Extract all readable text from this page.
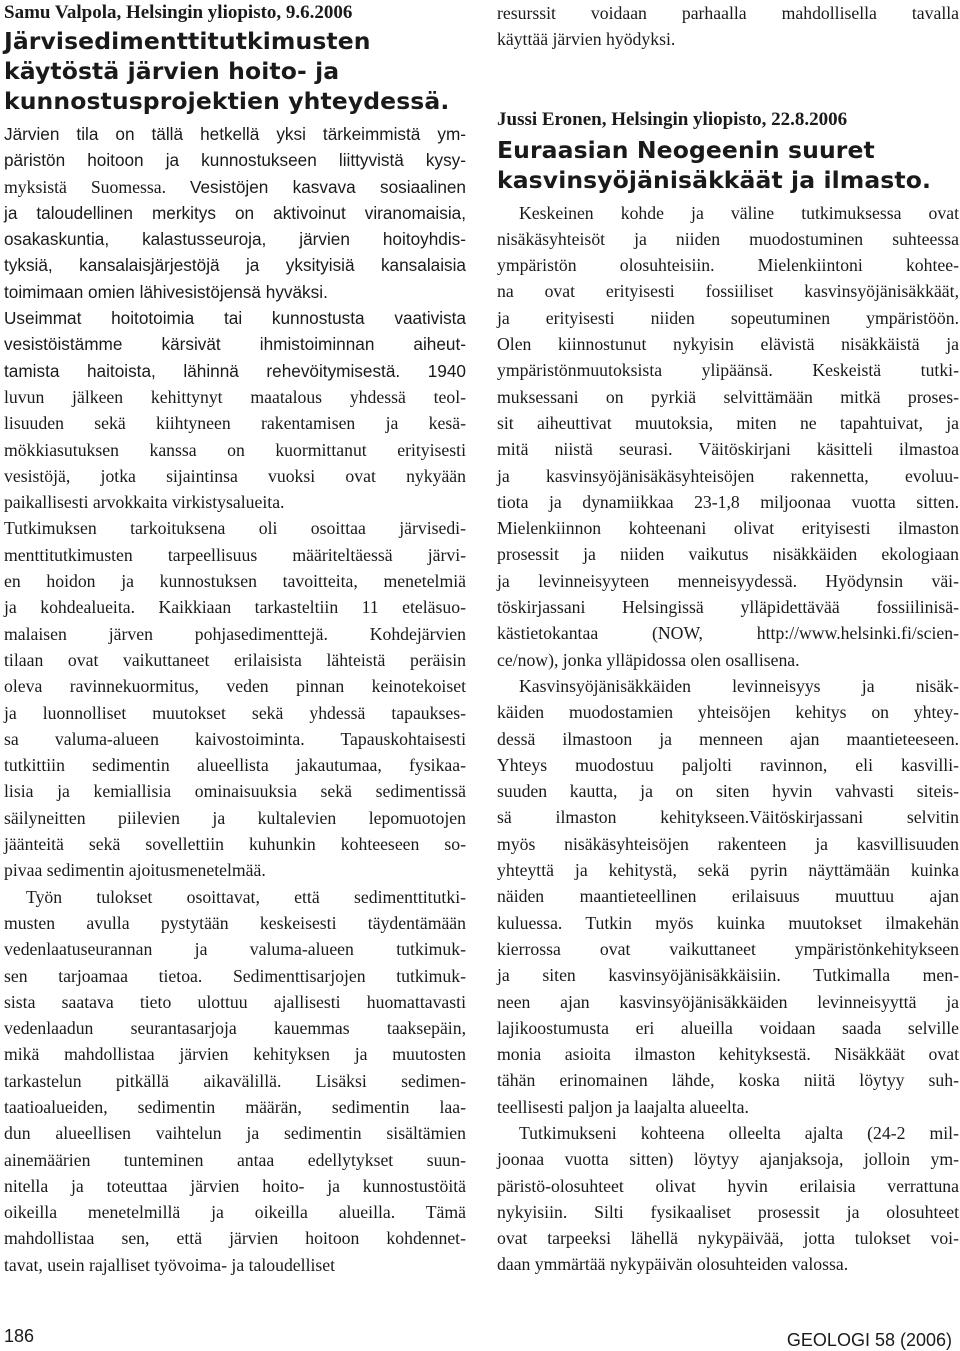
Samu Valpola, Helsingin yliopisto, 9.6.2006

Järvisedimenttitutkimusten
käytöstä järvien hoito- ja
kunnostusprojektien yhteydessä.
Järvien tila on tällä hetkellä yksi tärkeimmistä ym-
päristön hoitoon ja kunnostukseen liittyvistä kysy-
myksistä Suomessa. Vesistöjen kasvava sosiaalinen
ja taloudellinen merkitys on aktivoinut viranomaisia,
osakaskuntia, kalastusseuroja, järvien hoitoyhdis-
tyksiä, kansalaisjärjestöjä ja yksityisiä kansalaisia
toimimaan omien lähivesistöjensä hyväksi.
Useimmat hoitotoimia tai kunnostusta vaativista
vesistöistämme kärsivät ihmistoiminnan aiheut-
tamista haitoista, lähinnä rehevöitymisestä. 1940
luvun jälkeen kehittynyt maatalous yhdessä teol-
lisuuden sekä kiihtyneen rakentamisen ja kesä-
mökkiasutuksen kanssa on kuormittanut erityisesti
vesistöjä, jotka sijaintinsa vuoksi ovat nykyään
paikallisesti arvokkaita virkistysalueita.
Tutkimuksen tarkoituksena oli osoittaa järvisedi-
menttitutkimusten tarpeellisuus määriteltäessä järvi-
en hoidon ja kunnostuksen tavoitteita, menetelmiä
ja kohdealueita. Kaikkiaan tarkasteltiin 11 eteläsuo-
malaisen järven pohjasedimenttejä. Kohdejärvien
tilaan ovat vaikuttaneet erilaisista lähteistä peräisin
oleva ravinnekuormitus, veden pinnan keinotekoiset
ja luonnolliset muutokset sekä yhdessä tapaukses-
sa valuma-alueen kaivostoiminta. Tapauskohtaisesti
tutkittiin sedimentin alueellista jakautumaa, fysikaa-
lisia ja kemiallisia ominaisuuksia sekä sedimentissä
säilyneitten piilevien ja kultalevien lepomuotojen
jäänteitä sekä sovellettiin kuhunkin kohteeseen so-
pivaa sedimentin ajoitusmenetelmää.
Työn tulokset osoittavat, että sedimenttitutki-
musten avulla pystytään keskeisesti täydentämään
vedenlaatuseurannan ja valuma-alueen tutkimuk-
sen tarjoamaa tietoa. Sedimenttisarjojen tutkimuk-
sista saatava tieto ulottuu ajallisesti huomattavasti
vedenlaadun seurantasarjoja kauemmas taaksepäin,
mikä mahdollistaa järvien kehityksen ja muutosten
tarkastelun pitkällä aikavälillä. Lisäksi sedimen-
taatioalueiden, sedimentin määrän, sedimentin laa-
dun alueellisen vaihtelun ja sedimentin sisältämien
ainemäärien tunteminen antaa edellytykset suun-
nitella ja toteuttaa järvien hoito- ja kunnostustöitä
oikeilla menetelmillä ja oikeilla alueilla. Tämä
mahdollistaa sen, että järvien hoitoon kohdennet-
tavat, usein rajalliset työvoima- ja taloudelliset
resurssit voidaan parhaalla mahdollisella tavalla
käyttää järvien hyödyksi.

Jussi Eronen, Helsingin yliopisto, 22.8.2006

Euraasian Neogeenin suuret
kasvinsyöjänisäkkäät ja ilmasto.
Keskeinen kohde ja väline tutkimuksessa ovat
nisäkäsyhteisöt ja niiden muodostuminen suhteessa
ympäristön olosuhteisiin. Mielenkiintoni kohtee-
na ovat erityisesti fossiiliset kasvinsyöjänisäkkäät,
ja erityisesti niiden sopeutuminen ympäristöön.
Olen kiinnostunut nykyisin elävistä nisäkkäistä ja
ympäristönmuutoksista ylipäänsä. Keskeistä tutki-
muksessani on pyrkiä selvittämään mitkä proses-
sit aiheuttivat muutoksia, miten ne tapahtuivat, ja
mitä niistä seurasi. Väitöskirjani käsitteli ilmastoa
ja kasvinsyöjänisäkäsyhteisöjen rakennetta, evoluu-
tiota ja dynamiikkaa 23-1,8 miljoonaa vuotta sitten.
Mielenkiinnon kohteenani olivat erityisesti ilmaston
prosessit ja niiden vaikutus nisäkkäiden ekologiaan
ja levinneisyyteen menneisyydessä. Hyödynsin väi-
töskirjassani Helsingissä ylläpidettävää fossiilinisä-
kästietokantaa (NOW, http://www.helsinki.fi/scien-
ce/now), jonka ylläpidossa olen osallisena.
Kasvinsyöjänisäkkäiden levinneisyys ja nisäk-
käiden muodostamien yhteisöjen kehitys on yhtey-
dessä ilmastoon ja menneen ajan maantieteeseen.
Yhteys muodostuu paljolti ravinnon, eli kasvilli-
suuden kautta, ja on siten hyvin vahvasti siteis-
sä ilmaston kehitykseen.Väitöskirjassani selvitin
myös nisäkäsyhteisöjen rakenteen ja kasvillisuuden
yhteyttä ja kehitystä, sekä pyrin näyttämään kuinka
näiden maantieteellinen erilaisuus muuttuu ajan
kuluessa. Tutkin myös kuinka muutokset ilmakehän
kierrossa ovat vaikuttaneet ympäristönkehitykseen
ja siten kasvinsyöjänisäkkäisiin. Tutkimalla men-
neen ajan kasvinsyöjänisäkkäiden levinneisyyttä ja
lajikoostumusta eri alueilla voidaan saada selville
monia asioita ilmaston kehityksestä. Nisäkkäät ovat
tähän erinomainen lähde, koska niitä löytyy suh-
teellisesti paljon ja laajalta alueelta.
Tutkimukseni kohteena olleelta ajalta (24-2 mil-
joonaa vuotta sitten) löytyy ajanjaksoja, jolloin ym-
päristö-olosuhteet olivat hyvin erilaisia verrattuna
nykyisiin. Silti fysikaaliset prosessit ja olosuhteet
ovat tarpeeksi lähellä nykypäivää, jotta tulokset voi-
daan ymmärtää nykypäivän olosuhteiden valossa.
186	GEOLOGI 58 (2006)
